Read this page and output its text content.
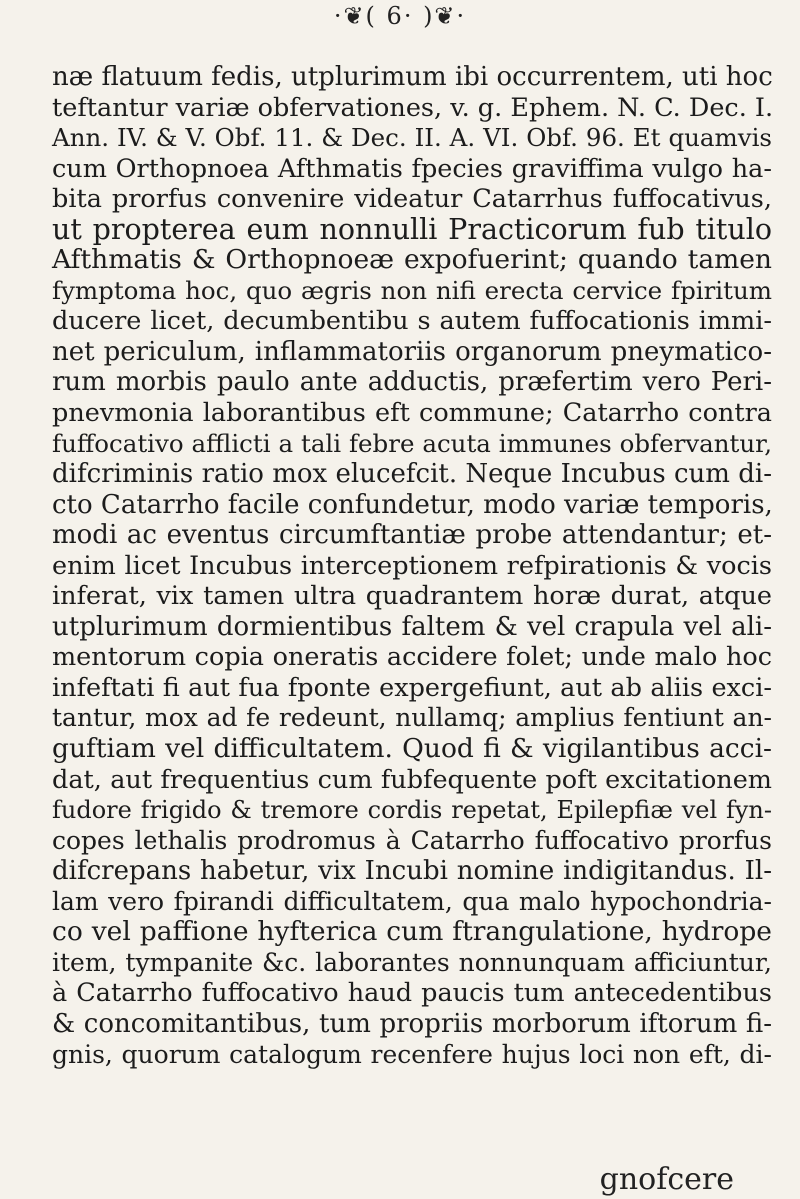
·❦( 6· )❦·
næ flatuum fedis, utplurimum ibi occurrentem, uti hoc
teftantur variæ obfervationes, v. g. Ephem. N. C. Dec. I.
Ann. IV. & V. Obf. 11. & Dec. II. A. VI. Obf. 96. Et quamvis
cum Orthopnoea Afthmatis fpecies graviffima vulgo ha-
bita prorfus convenire videatur Catarrhus fuffocativus,
ut propterea eum nonnulli Practicorum fub titulo
Afthmatis & Orthopnoeæ expofuerint; quando tamen
fymptoma hoc, quo ægris non nifi erecta cervice fpiritum
ducere licet, decumbentibu s autem fuffocationis immi-
net periculum, inflammatoriis organorum pneymatico-
rum morbis paulo ante adductis, præfertim vero Peri-
pnevmonia laborantibus eft commune; Catarrho contra
fuffocativo afflicti a tali febre acuta immunes obfervantur,
difcriminis ratio mox elucefcit. Neque Incubus cum di-
cto Catarrho facile confundetur, modo variæ temporis,
modi ac eventus circumftantiæ probe attendantur; et-
enim licet Incubus interceptionem refpirationis & vocis
inferat, vix tamen ultra quadrantem horæ durat, atque
utplurimum dormientibus faltem & vel crapula vel ali-
mentorum copia oneratis accidere folet; unde malo hoc
infeftati fi aut fua fponte expergefiunt, aut ab aliis exci-
tantur, mox ad fe redeunt, nullamq; amplius fentiunt an-
guftiam vel difficultatem. Quod fi & vigilantibus acci-
dat, aut frequentius cum fubfequente poft excitationem
fudore frigido & tremore cordis repetat, Epilepfiæ vel fyn-
copes lethalis prodromus à Catarrho fuffocativo prorfus
difcrepans habetur, vix Incubi nomine indigitandus. Il-
lam vero fpirandi difficultatem, qua malo hypochondria-
co vel paffione hyfterica cum ftrangulatione, hydrope
item, tympanite &c. laborantes nonnunquam afficiuntur,
à Catarrho fuffocativo haud paucis tum antecedentibus
& concomitantibus, tum propriis morborum iftorum fi-
gnis, quorum catalogum recenfere hujus loci non eft, di-
gnofcere
